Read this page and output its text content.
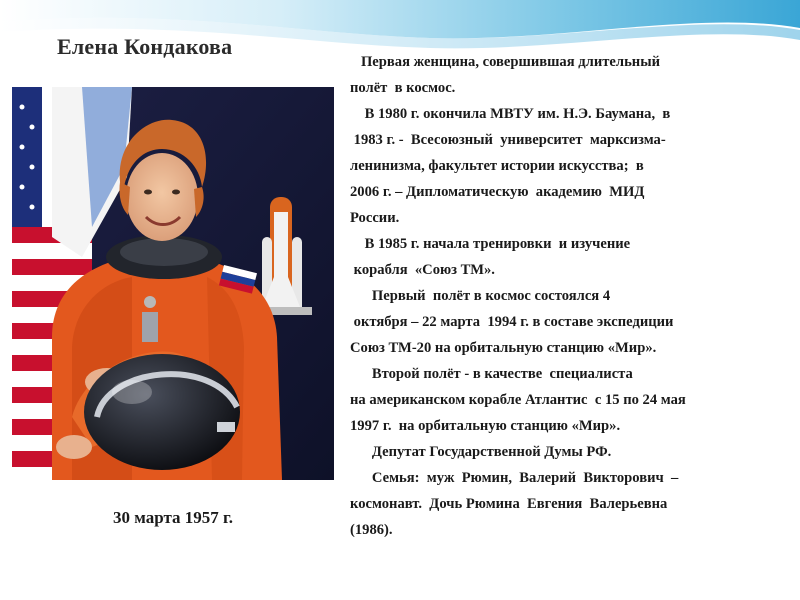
Елена Кондакова
30 марта 1957 г.

Первая женщина, совершившая длительный

полёт  в космос.

В 1980 г. окончила МВТУ им. Н.Э. Баумана,  в

1983 г. -  Всесоюзный  университет  марксизма-

ленинизма, факультет истории искусства;  в

2006 г. – Дипломатическую  академию  МИД

России.

В 1985 г. начала тренировки  и изучение

корабля  «Союз ТМ».

Первый  полёт в космос состоялся 4

октября – 22 марта  1994 г. в составе экспедиции

Союз ТМ-20 на орбитальную станцию «Мир».

Второй полёт - в качестве  специалиста

на американском корабле Атлантис  с 15 по 24 мая

1997 г.  на орбитальную станцию «Мир».

Депутат Государственной Думы РФ.

Семья:  муж  Рюмин,  Валерий  Викторович  –

космонавт.  Дочь Рюмина  Евгения  Валерьевна

(1986).
